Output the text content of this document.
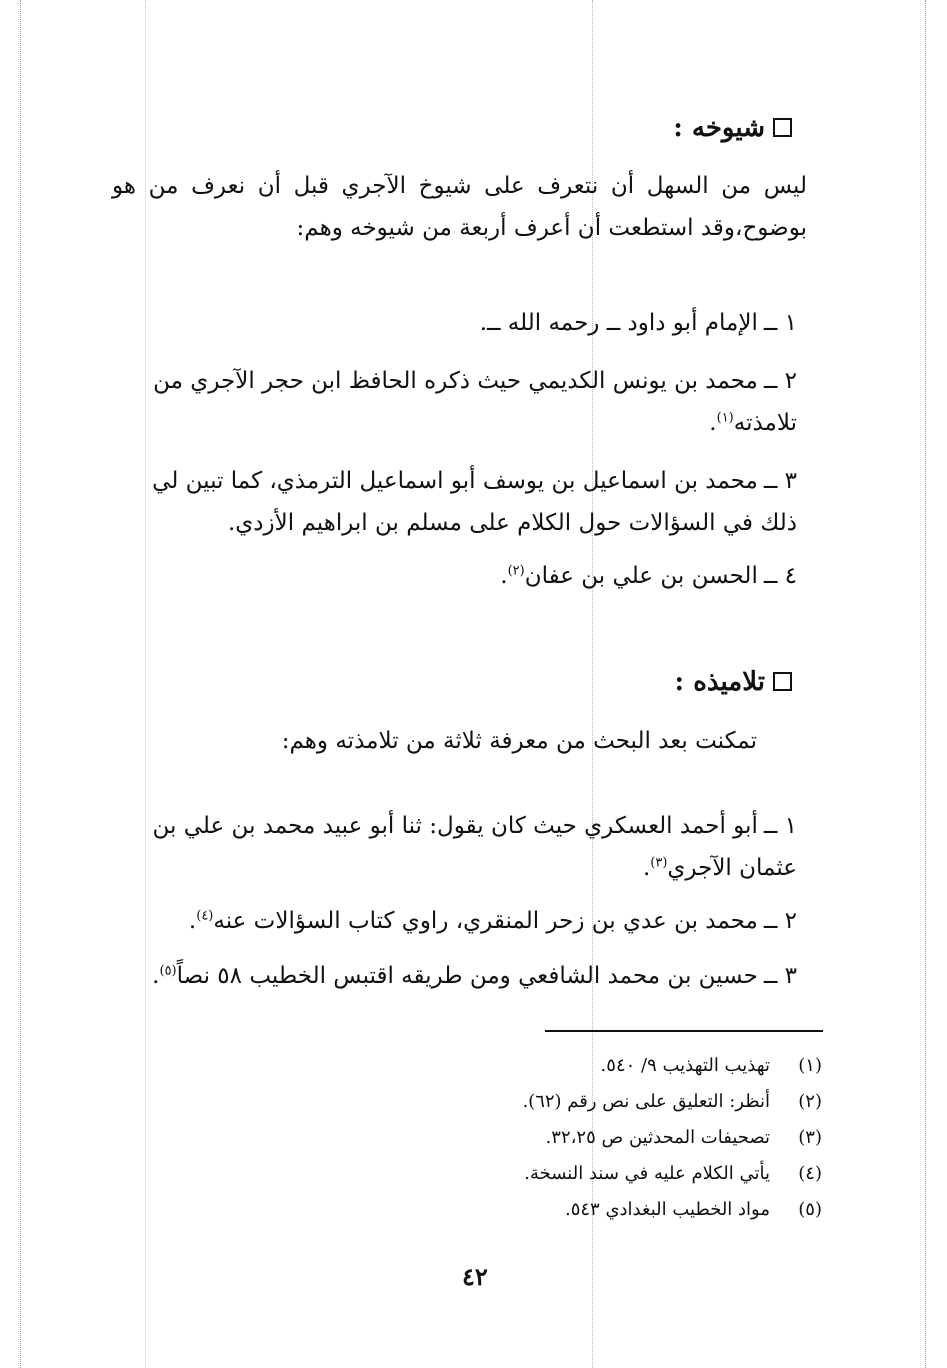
شيوخه :

ليس من السهل أن نتعرف على شيوخ الآجري قبل أن نعرف من هو بوضوح،وقد استطعت أن أعرف أربعة من شيوخه وهم:

١ ــالإمام أبو داود ــ رحمه الله ــ.
٢ ــمحمد بن يونس الكديمي حيث ذكره الحافظ ابن حجر الآجري من تلامذته$^{(١)}$.
٣ ــمحمد بن اسماعيل بن يوسف أبو اسماعيل الترمذي، كما تبين لي ذلك في السؤالات حول الكلام على مسلم بن ابراهيم الأزدي.
٤ ــالحسن بن علي بن عفان$^{(٢)}$.
تلاميذه :

تمكنت بعد البحث من معرفة ثلاثة من تلامذته وهم:

١ ــأبو أحمد العسكري حيث كان يقول: ثنا أبو عبيد محمد بن علي بن عثمان الآجري$^{(٣)}$.
٢ ــمحمد بن عدي بن زحر المنقري، راوي كتاب السؤالات عنه$^{(٤)}$.
٣ ــحسين بن محمد الشافعي ومن طريقه اقتبس الخطيب ٥٨ نصاً$^{(٥)}$.
(١)تهذيب التهذيب ٩/ ٥٤٠.
(٢)أنظر: التعليق على نص رقم (٦٢).
(٣)تصحيفات المحدثين ص ٣٢،٢٥.
(٤)يأتي الكلام عليه في سند النسخة.
(٥)مواد الخطيب البغدادي ٥٤٣.
٤٢
